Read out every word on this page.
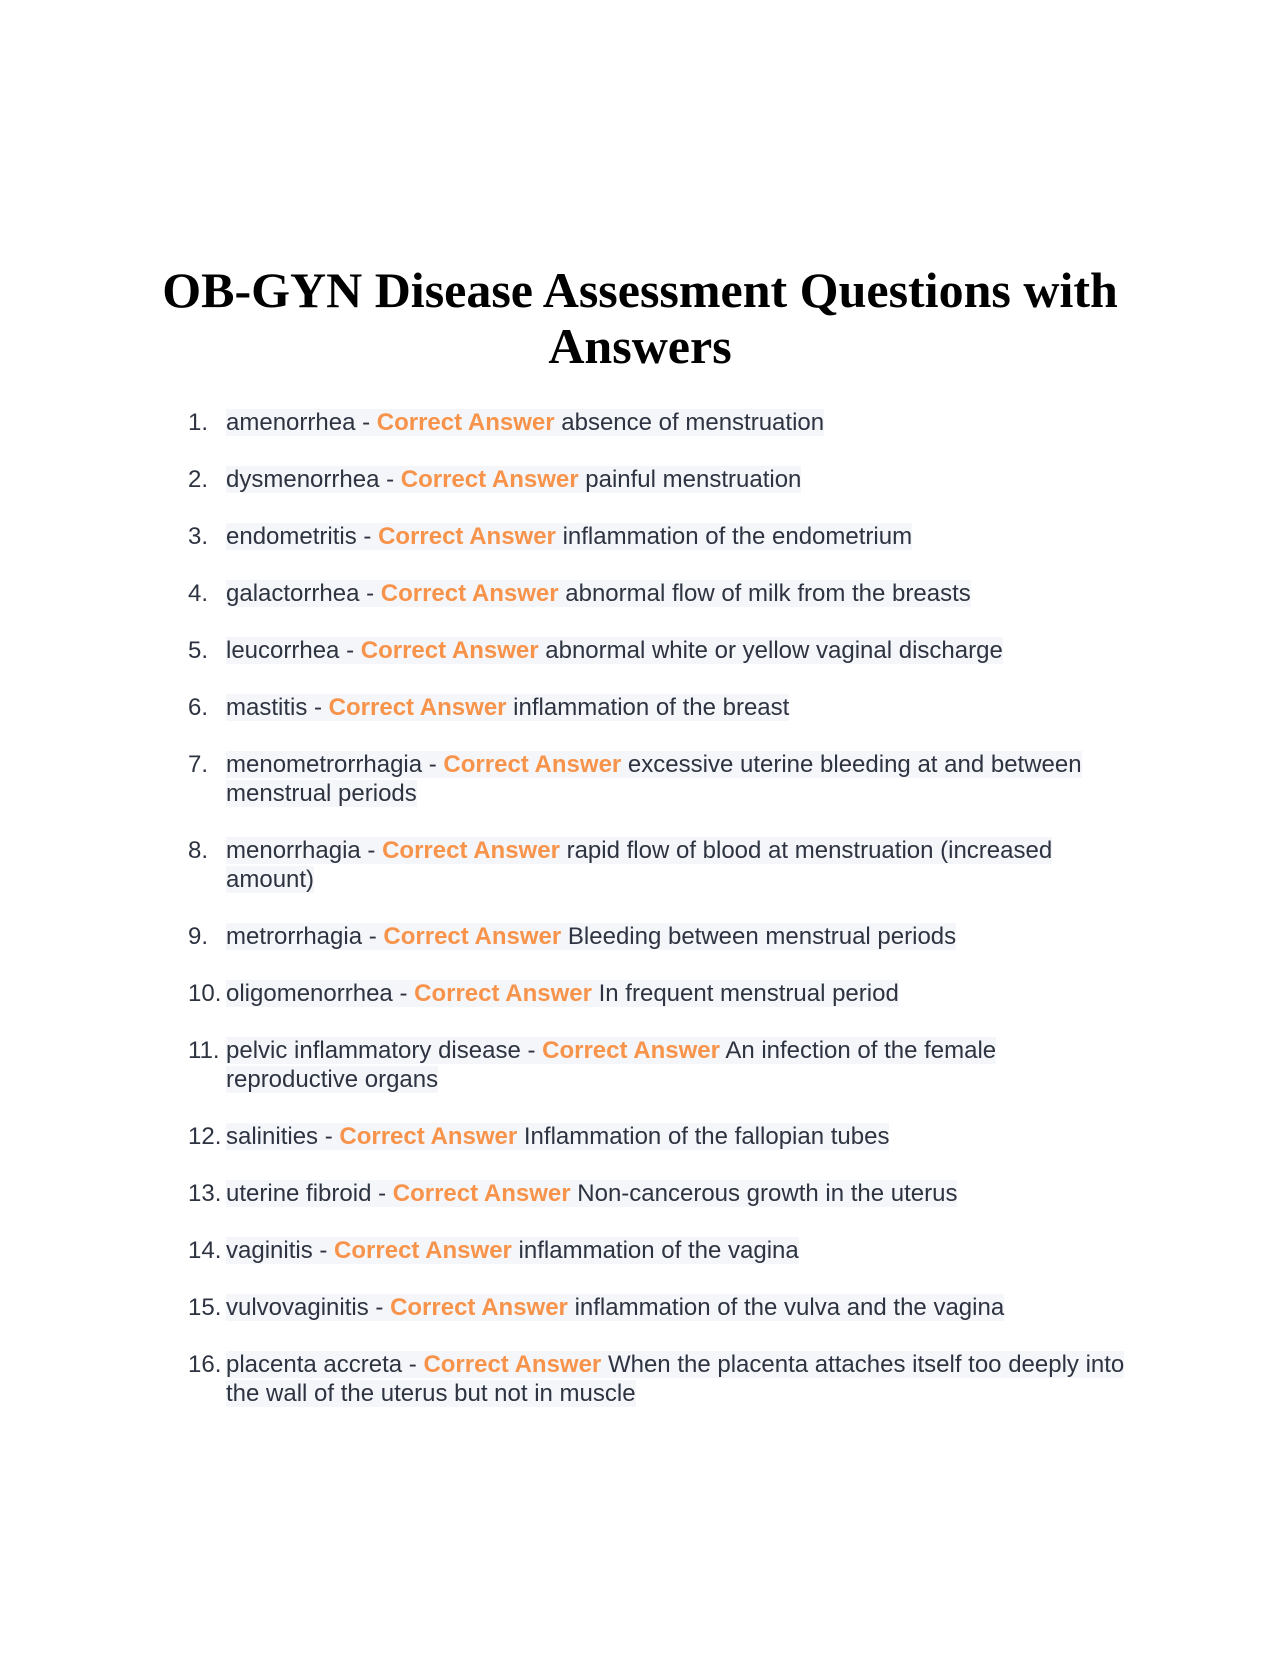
OB-GYN Disease Assessment Questions with Answers
1. amenorrhea - Correct Answer absence of menstruation
2. dysmenorrhea - Correct Answer painful menstruation
3. endometritis - Correct Answer inflammation of the endometrium
4. galactorrhea - Correct Answer abnormal flow of milk from the breasts
5. leucorrhea - Correct Answer abnormal white or yellow vaginal discharge
6. mastitis - Correct Answer inflammation of the breast
7. menometrorrhagia - Correct Answer excessive uterine bleeding at and between menstrual periods
8. menorrhagia - Correct Answer rapid flow of blood at menstruation (increased amount)
9. metrorrhagia - Correct Answer Bleeding between menstrual periods
10. oligomenorrhea - Correct Answer In frequent menstrual period
11. pelvic inflammatory disease - Correct Answer An infection of the female reproductive organs
12. salinities - Correct Answer Inflammation of the fallopian tubes
13. uterine fibroid - Correct Answer Non-cancerous growth in the uterus
14. vaginitis - Correct Answer inflammation of the vagina
15. vulvovaginitis - Correct Answer inflammation of the vulva and the vagina
16. placenta accreta - Correct Answer When the placenta attaches itself too deeply into the wall of the uterus but not in muscle
